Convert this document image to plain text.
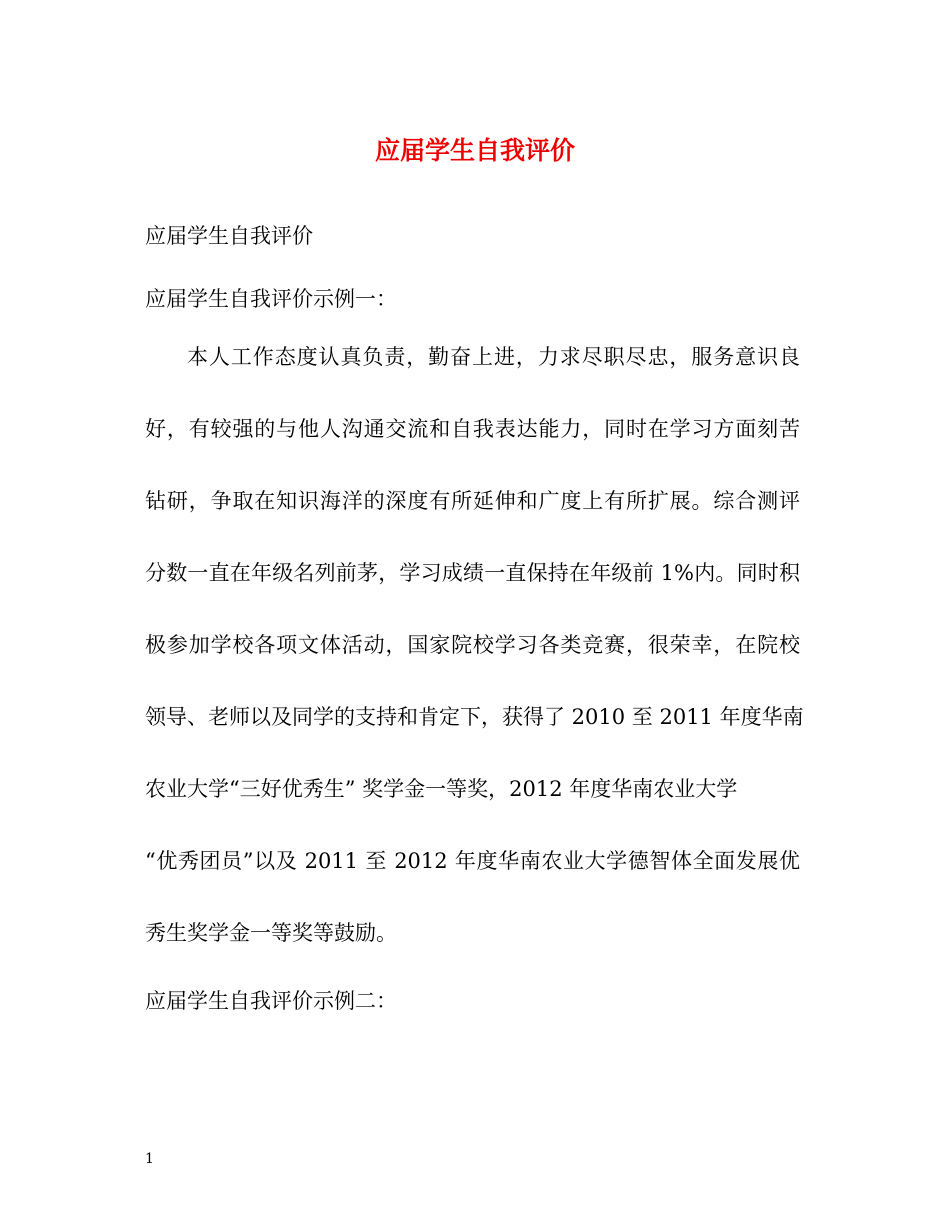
应届学生自我评价

应届学生自我评价

应届学生自我评价示例一：

本人工作态度认真负责，勤奋上进，力求尽职尽忠，服务意识良
好，有较强的与他人沟通交流和自我表达能力，同时在学习方面刻苦
钻研，争取在知识海洋的深度有所延伸和广度上有所扩展。综合测评
分数一直在年级名列前茅，学习成绩一直保持在年级前 1%内。同时积
极参加学校各项文体活动，国家院校学习各类竞赛，很荣幸，在院校
领导、老师以及同学的支持和肯定下，获得了 2010 至 2011 年度华南
农业大学“三好优秀生” 奖学金一等奖，2012 年度华南农业大学
“优秀团员”以及 2011 至 2012 年度华南农业大学德智体全面发展优
秀生奖学金一等奖等鼓励。

应届学生自我评价示例二：

1
